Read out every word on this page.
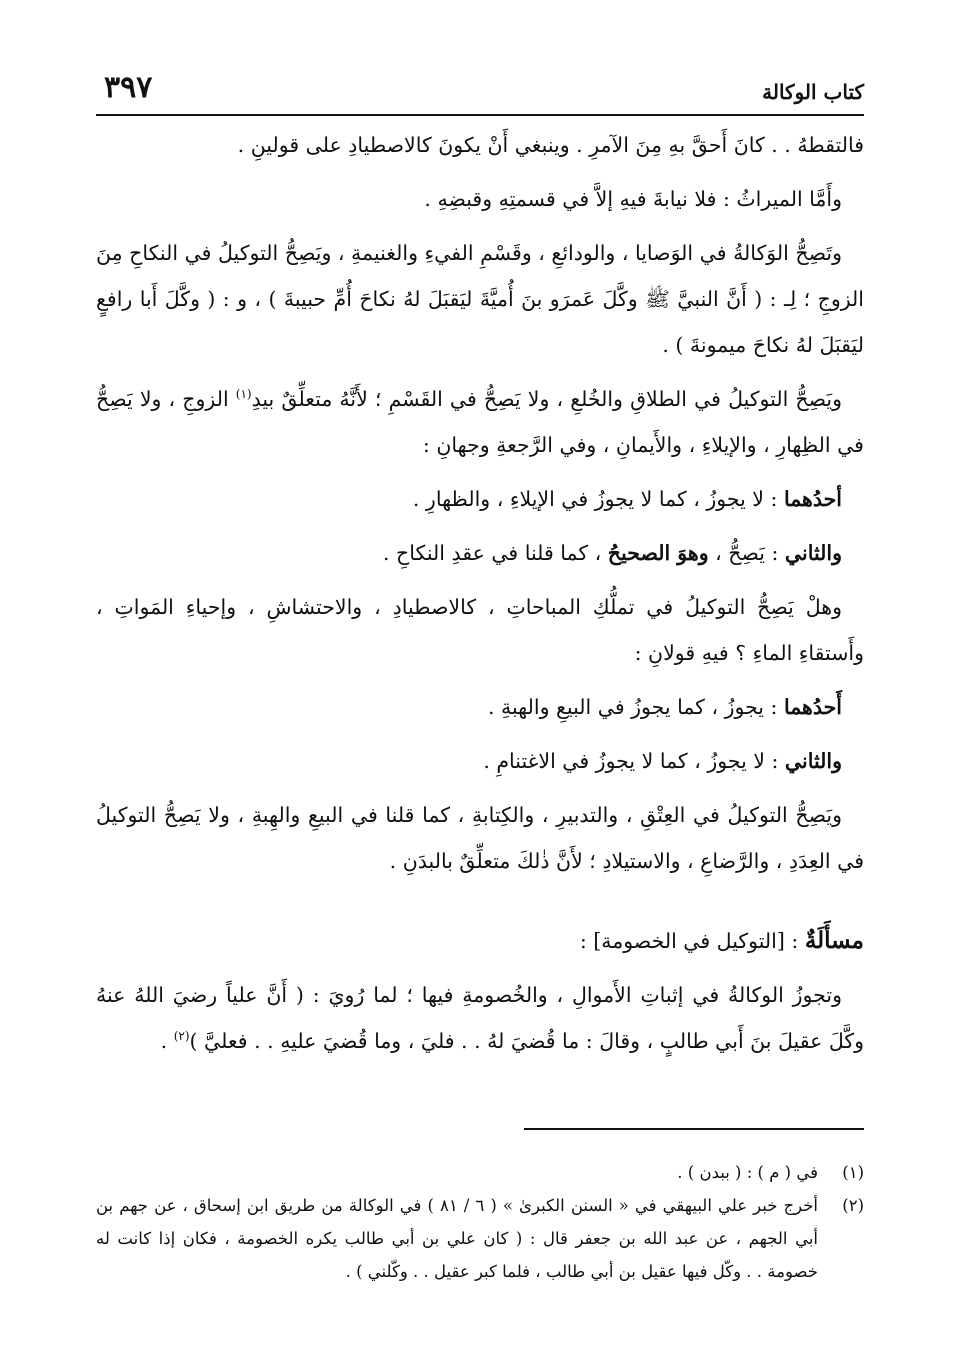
كتاب الوكالة
٣٩٧

فالتقطهُ . . كانَ أَحقَّ بهِ مِنَ الآمرِ . وينبغي أَنْ يكونَ كالاصطيادِ على قولينِ .

وأَمَّا الميراثُ : فلا نيابةَ فيهِ إلاَّ في قسمتِهِ وقبضِهِ .

وتَصِحُّ الوَكالةُ في الوَصايا ، والودائعِ ، وقَسْمِ الفيءِ والغنيمةِ ، ويَصِحُّ التوكيلُ في النكاحِ مِنَ الزوجِ ؛ لِـ : ( أَنَّ النبيَّ ﷺ وكَّلَ عَمرَو بنَ أُميَّةَ ليَقبَلَ لهُ نكاحَ أُمِّ حبيبةَ ) ، و : ( وكَّلَ أَبا رافعٍ ليَقبَلَ لهُ نكاحَ ميمونةَ ) .

ويَصِحُّ التوكيلُ في الطلاقِ والخُلعِ ، ولا يَصِحُّ في القَسْمِ ؛ لأَنَّهُ متعلِّقٌ بيدِ$^{(١)}$ الزوجِ ، ولا يَصِحُّ في الظِهارِ ، والإيلاءِ ، والأَيمانِ ، وفي الرَّجعةِ وجهانِ :

أحدُهما : لا يجوزُ ، كما لا يجوزُ في الإيلاءِ ، والظهارِ .

والثاني : يَصِحُّ ، وهوَ الصحيحُ ، كما قلنا في عقدِ النكاحِ .

وهلْ يَصِحُّ التوكيلُ في تملُّكِ المباحاتِ ، كالاصطيادِ ، والاحتشاشِ ، وإحياءِ المَواتِ ، وأَستقاءِ الماءِ ؟ فيهِ قولانِ :

أَحدُهما : يجوزُ ، كما يجوزُ في البيعِ والهبةِ .

والثاني : لا يجوزُ ، كما لا يجوزُ في الاغتنامِ .

ويَصِحُّ التوكيلُ في العِتْقِ ، والتدبيرِ ، والكِتابةِ ، كما قلنا في البيعِ والهِبةِ ، ولا يَصِحُّ التوكيلُ في العِدَدِ ، والرَّضاعِ ، والاستيلادِ ؛ لأَنَّ ذٰلكَ متعلِّقٌ بالبدَنِ .

مسأَلَةٌ : [التوكيل في الخصومة] :

وتجوزُ الوكالةُ في إثباتِ الأَموالِ ، والخُصومةِ فيها ؛ لما رُويَ : ( أَنَّ علياً رضيَ اللهُ عنهُ وكَّلَ عقيلَ بنَ أَبي طالبٍ ، وقالَ : ما قُضيَ لهُ . . فليَ ، وما قُضيَ عليهِ . . فعليَّ )$^{(٢)}$ .

(١)
في ( م ) : ( ببدن ) .
(٢)
أخرج خبر علي البيهقي في « السنن الكبرىٰ » ( ٦ / ٨١ ) في الوكالة من طريق ابن إسحاق ، عن جهم بن أبي الجهم ، عن عبد الله بن جعفر قال : ( كان علي بن أبي طالب يكره الخصومة ، فكان إذا كانت له خصومة . . وكّل فيها عقيل بن أبي طالب ، فلما كبر عقيل . . وكّلني ) .
